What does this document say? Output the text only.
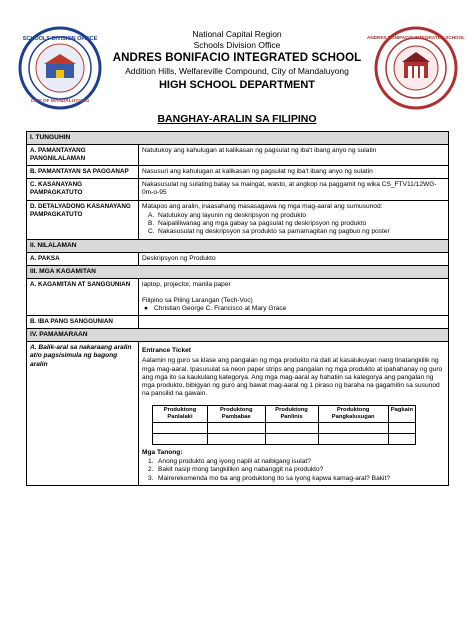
SCHOOLS DIVISION OFFICE
CITY OF MANDALUYONG
National Capital Region
Schools Division Office
ANDRES BONIFACIO INTEGRATED SCHOOL
Addition Hills, Welfareville Compound, City of Mandaluyong
HIGH SCHOOL DEPARTMENT
ANDRES BONIFACIO INTEGRATED SCHOOL
BANGHAY-ARALIN SA FILIPINO
I. TUNGUHIN
A. PAMANTAYANG PANGNILALAMAN	Natutukoy ang kahulugan at kalikasan ng pagsulat ng iba't ibang anyo ng sulatin
B. PAMANTAYAN SA PAGGANAP	Nasusuri ang kahulugan at kalikasan ng pagsulat ng iba't ibang anyo ng sulatin
C. KASANAYANG PAMPAGKATUTO	Nakasusulat ng sulating batay sa maingat, wasto, at angkop na paggamit ng wika CS_FTV11/12WG-0m-o-95
D. DETALYADONG KASANAYANG PAMPAGKATUTO	
Matapos ang aralin, inaasahang masasagawa ng mga mag-aaral ang sumusunod:
A. Natutukoy ang layunin ng deskripsyon ng produkto
B. Naipaliliwanag ang mga gabay sa pagsulat ng deskripsyon ng produkto
C. Nakasusulat ng deskripsyon sa produkto sa pamamagitan ng pagbuo ng poster

II. NILALAMAN
A. PAKSA	Deskripsyon ng Produkto
III. MGA KAGAMITAN
A. KAGAMITAN AT SANGGUNIAN	laptop, projector, manila paper
Filipino sa Piling Larangan (Tech-Voc)
● Christian George C. Francisco at Mary Grace

B. IBA PANG SANGGUNIAN	
IV. PAMAMARAAN
A. Balik-aral sa nakaraang aralin at/o pagsisimula ng bagong aralin	
Entrance Ticket
Aalamin ng guro sa klase ang pangalan ng mga produkto na dati at kasalukuyan nang tinatangkilik ng mga mag-aaral. Ipasusulat sa neon paper strips ang pangalan ng mga produkto at ipahahanay ng guro ang mga ito sa kaukulang kategorya. Ang mga mag-aaral ay hahatiin sa kategorya ang pangalan ng mga produkto, bibigyan ng guro ang bawat mag-aaral ng 1 piraso ng baraha na gagamitin sa susunod na pansilid na gawain.
Produktong Panlalaki	Produktong Pambabae	Produktong Panlinis	Produktong Pangkalusugan	Pagkain

Mga Tanong:
1. Anong produkto ang iyong napili at naibigang isulat?
2. Bakit nasip mong tangkilikin ang nabanggit na produkto?
3. Mairerekomenda mo ba ang produktong ito sa iyong kapwa kamag-aral? Bakit?
